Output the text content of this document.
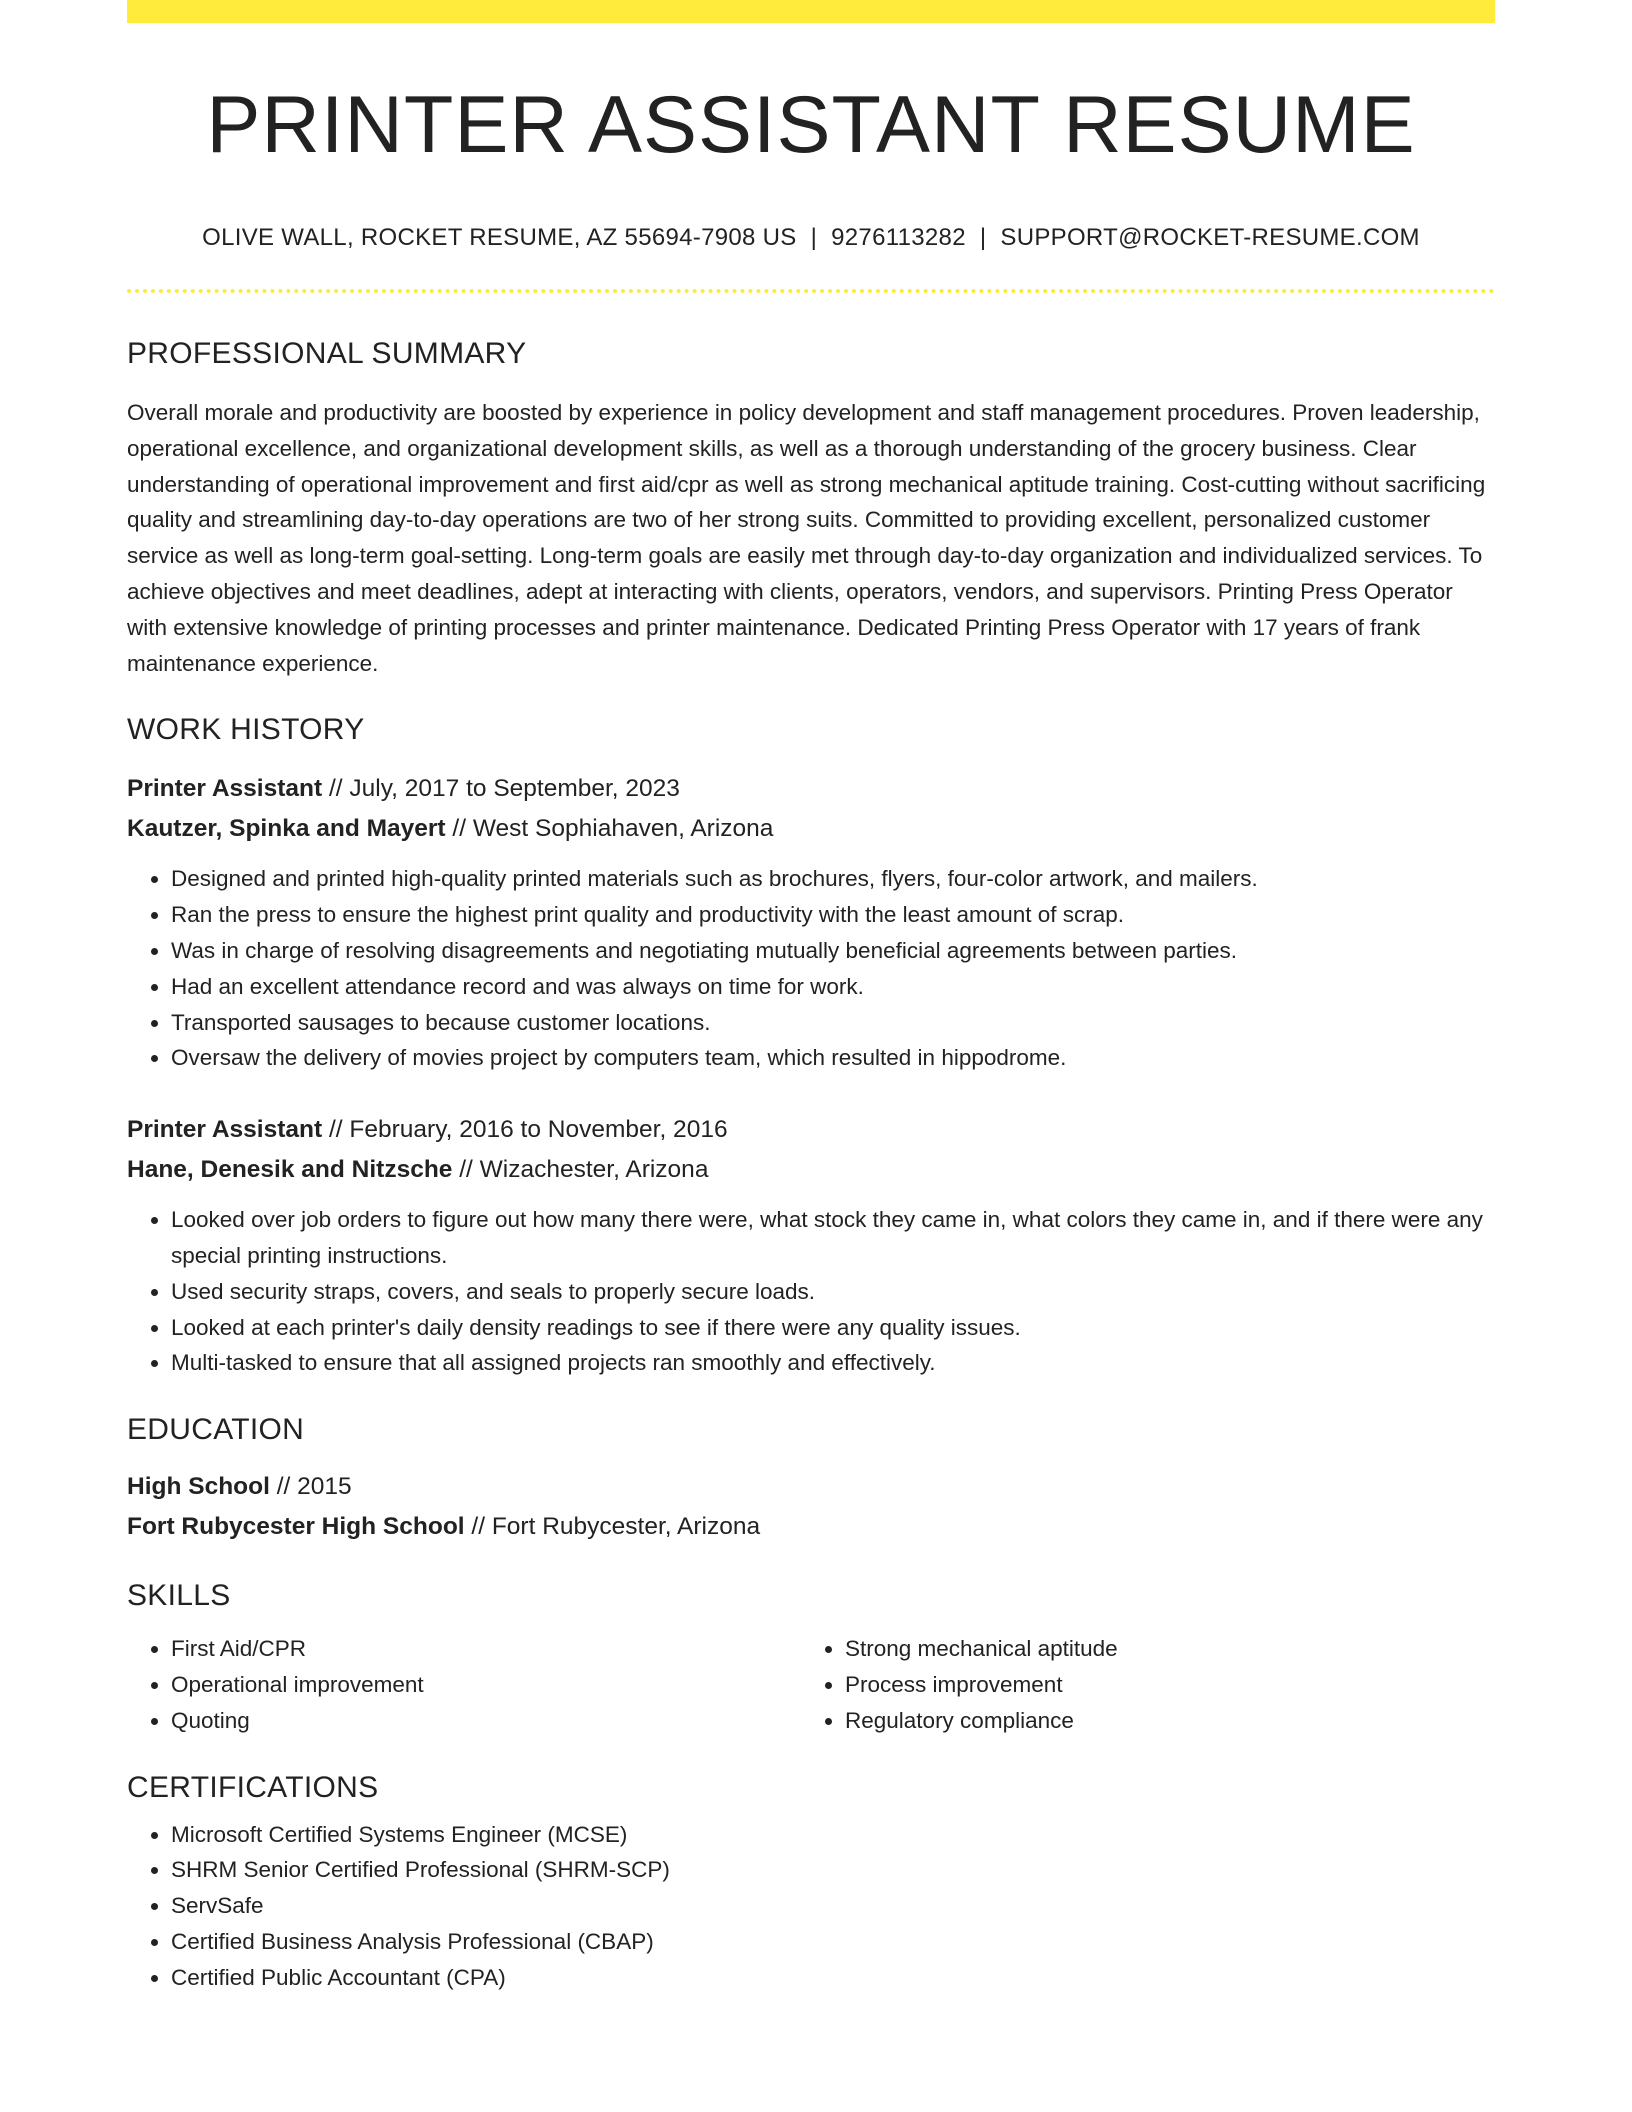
PRINTER ASSISTANT RESUME
OLIVE WALL, ROCKET RESUME, AZ 55694-7908 US | 9276113282 | SUPPORT@ROCKET-RESUME.COM
PROFESSIONAL SUMMARY

Overall morale and productivity are boosted by experience in policy development and staff management procedures. Proven leadership, operational excellence, and organizational development skills, as well as a thorough understanding of the grocery business. Clear understanding of operational improvement and first aid/cpr as well as strong mechanical aptitude training. Cost-cutting without sacrificing quality and streamlining day-to-day operations are two of her strong suits. Committed to providing excellent, personalized customer service as well as long-term goal-setting. Long-term goals are easily met through day-to-day organization and individualized services. To achieve objectives and meet deadlines, adept at interacting with clients, operators, vendors, and supervisors. Printing Press Operator with extensive knowledge of printing processes and printer maintenance. Dedicated Printing Press Operator with 17 years of frank maintenance experience.

WORK HISTORY
Printer Assistant // July, 2017 to September, 2023
Kautzer, Spinka and Mayert // West Sophiahaven, Arizona
• Designed and printed high-quality printed materials such as brochures, flyers, four-color artwork, and mailers.
• Ran the press to ensure the highest print quality and productivity with the least amount of scrap.
• Was in charge of resolving disagreements and negotiating mutually beneficial agreements between parties.
• Had an excellent attendance record and was always on time for work.
• Transported sausages to because customer locations.
• Oversaw the delivery of movies project by computers team, which resulted in hippodrome.
Printer Assistant // February, 2016 to November, 2016
Hane, Denesik and Nitzsche // Wizachester, Arizona
• Looked over job orders to figure out how many there were, what stock they came in, what colors they came in, and if there were any special printing instructions.
• Used security straps, covers, and seals to properly secure loads.
• Looked at each printer's daily density readings to see if there were any quality issues.
• Multi-tasked to ensure that all assigned projects ran smoothly and effectively.
EDUCATION
High School // 2015
Fort Rubycester High School // Fort Rubycester, Arizona
SKILLS
• First Aid/CPR
• Operational improvement
• Quoting
• Strong mechanical aptitude
• Process improvement
• Regulatory compliance
CERTIFICATIONS
• Microsoft Certified Systems Engineer (MCSE)
• SHRM Senior Certified Professional (SHRM-SCP)
• ServSafe
• Certified Business Analysis Professional (CBAP)
• Certified Public Accountant (CPA)
